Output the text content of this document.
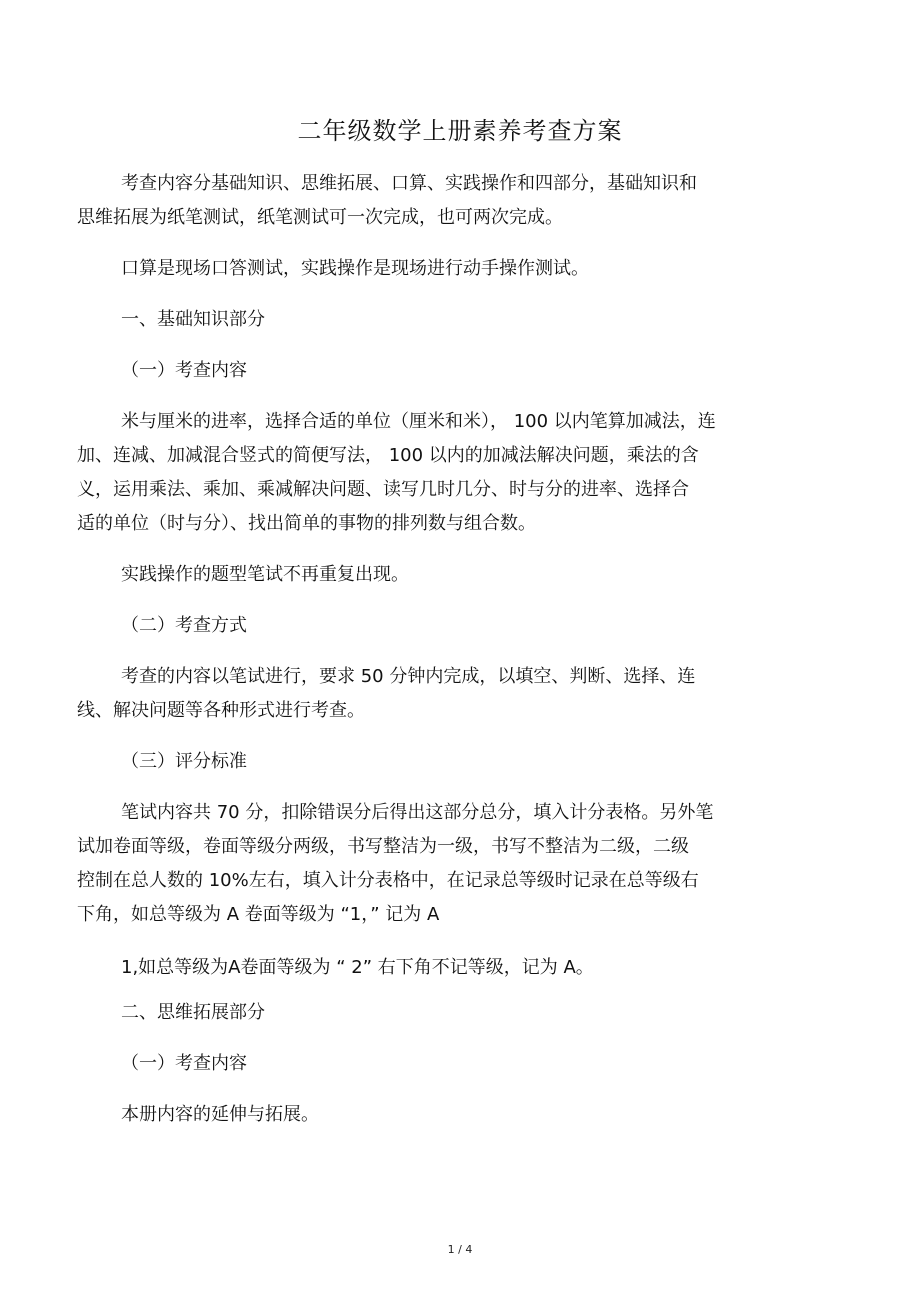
二年级数学上册素养考查方案
考查内容分基础知识、思维拓展、口算、实践操作和四部分，基础知识和
思维拓展为纸笔测试，纸笔测试可一次完成，也可两次完成。
口算是现场口答测试，实践操作是现场进行动手操作测试。
一、基础知识部分
（一）考查内容
米与厘米的进率，选择合适的单位（厘米和米）， 100 以内笔算加减法，连
加、连减、加减混合竖式的简便写法， 100 以内的加减法解决问题，乘法的含
义，运用乘法、乘加、乘减解决问题、读写几时几分、时与分的进率、选择合
适的单位（时与分）、找出简单的事物的排列数与组合数。
实践操作的题型笔试不再重复出现。
（二）考查方式
考查的内容以笔试进行，要求 50 分钟内完成，以填空、判断、选择、连
线、解决问题等各种形式进行考查。
（三）评分标准
笔试内容共 70 分，扣除错误分后得出这部分总分，填入计分表格。另外笔
试加卷面等级，卷面等级分两级，书写整洁为一级，书写不整洁为二级，二级
控制在总人数的 10%左右，填入计分表格中，在记录总等级时记录在总等级右
下角，如总等级为 A 卷面等级为 “1，” 记为 A
1,如总等级为A卷面等级为 “ 2” 右下角不记等级，记为 A。
二、思维拓展部分
（一）考查内容
本册内容的延伸与拓展。
1 / 4
